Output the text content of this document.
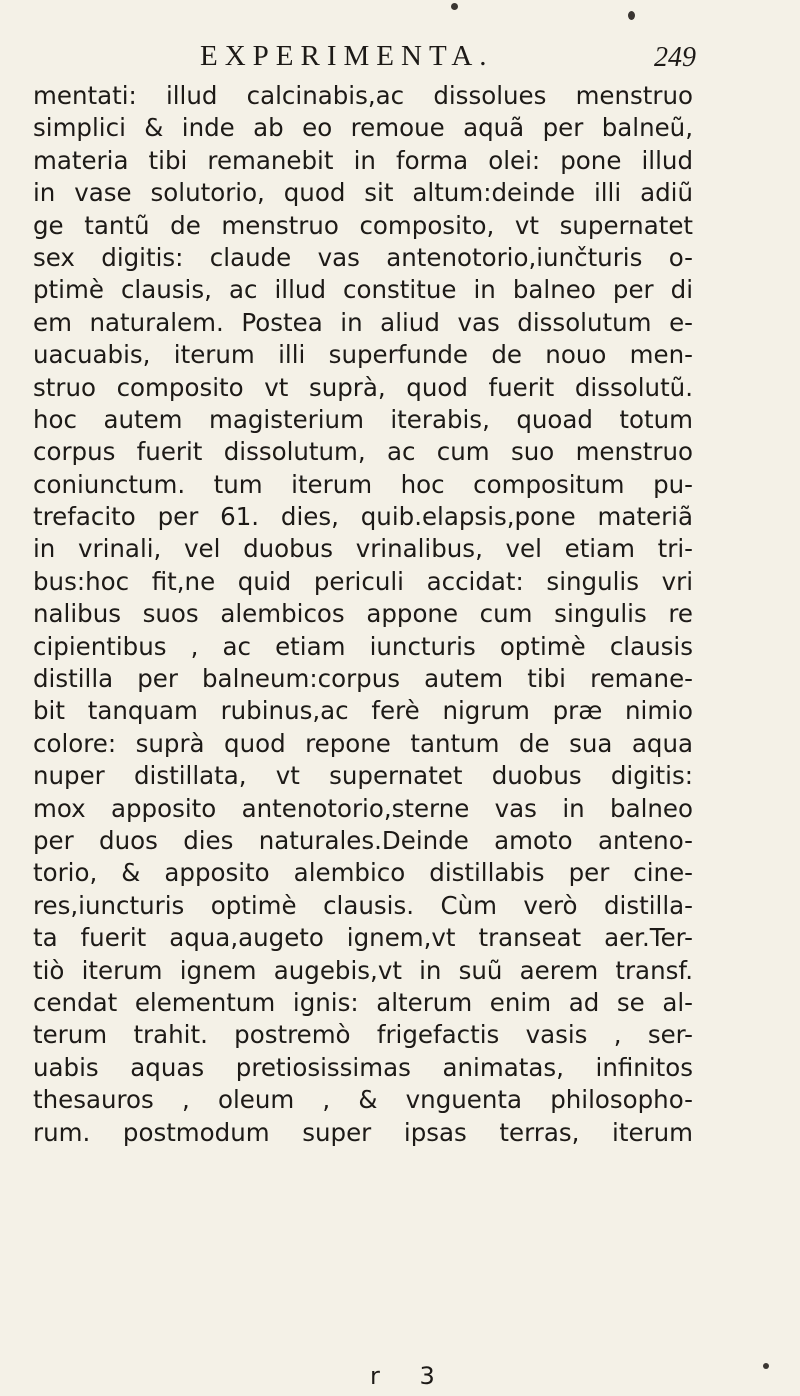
EXPERIMENTA.	249
mentati: illud calcinabis,ac dissolues menstruo
simplici & inde ab eo remoue aquã per balneũ,
materia tibi remanebit in forma olei: pone illud
in vase solutorio, quod sit altum:deinde illi adiũ
ge tantũ de menstruo composito, vt supernatet
sex digitis: claude vas antenotorio,iunčturis o-
ptimè clausis, ac illud constitue in balneo per di
em naturalem. Postea in aliud vas dissolutum e-
uacuabis, iterum illi superfunde de nouo men-
struo composito vt suprà, quod fuerit dissolutũ.
hoc autem magisterium iterabis, quoad totum
corpus fuerit dissolutum, ac cum suo menstruo
coniunctum. tum iterum hoc compositum pu-
trefacito per 61. dies, quib.elapsis,pone materiã
in vrinali, vel duobus vrinalibus, vel etiam tri-
bus:hoc fit,ne quid periculi accidat: singulis vri
nalibus suos alembicos appone cum singulis re
cipientibus , ac etiam iuncturis optimè clausis
distilla per balneum:corpus autem tibi remane-
bit tanquam rubinus,ac ferè nigrum præ nimio
colore: suprà quod repone tantum de sua aqua
nuper distillata, vt supernatet duobus digitis:
mox apposito antenotorio,sterne vas in balneo
per duos dies naturales.Deinde amoto anteno-
torio, & apposito alembico distillabis per cine-
res,iuncturis optimè clausis. Cùm verò distilla-
ta fuerit aqua,augeto ignem,vt transeat aer.Ter-
tiò iterum ignem augebis,vt in suũ aerem transf.
cendat elementum ignis: alterum enim ad se al-
terum trahit. postremò frigefactis vasis , ser-
uabis aquas pretiosissimas animatas, infinitos
thesauros , oleum , & vnguenta philosopho-
rum. postmodum super ipsas terras, iterum
r 3
